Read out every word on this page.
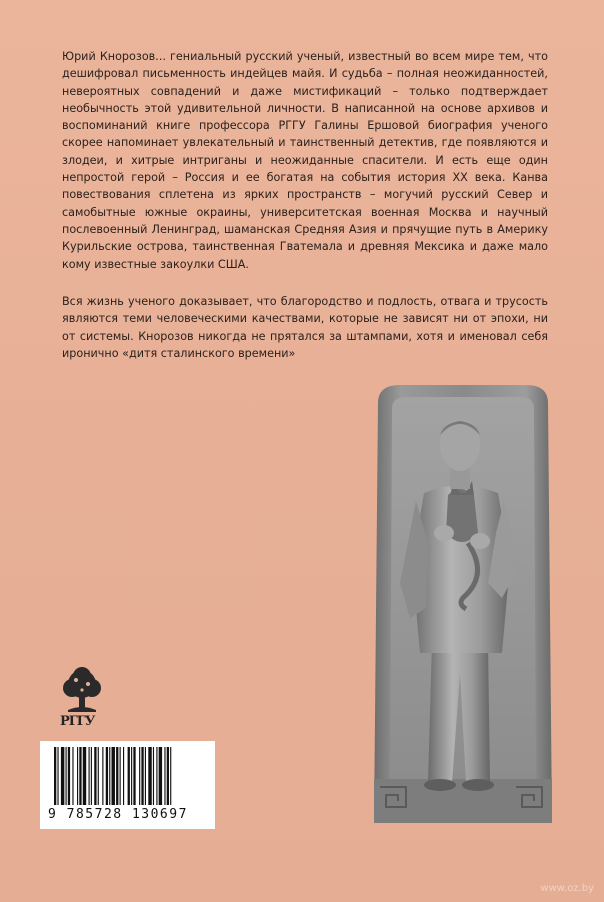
Юрий Кнорозов... гениальный русский ученый, известный во всем мире тем, что дешифровал письменность индейцев майя. И судьба – полная неожиданностей, невероятных совпадений и даже мистификаций – только подтверждает необычность этой удивительной личности. В написанной на основе архивов и воспоминаний книге профессора РГГУ Галины Ершовой биография ученого скорее напоминает увлекательный и таинственный детектив, где появляются и злодеи, и хитрые интриганы и неожиданные спасители. И есть еще один непростой герой – Россия и ее богатая на события история XX века. Канва повествования сплетена из ярких пространств – могучий русский Север и самобытные южные окраины, университетская военная Москва и научный послевоенный Ленинград, шаманская Средняя Азия и прячущие путь в Америку Курильские острова, таинственная Гватемала и древняя Мексика и даже мало кому известные закоулки США.

Вся жизнь ученого доказывает, что благородство и подлость, отвага и трусость являются теми человеческими качествами, которые не зависят ни от эпохи, ни от системы. Кнорозов никогда не прятался за штампами, хотя и именовал себя иронично «дитя сталинского времени»

РГГУ
9 785728 130697
www.oz.by
